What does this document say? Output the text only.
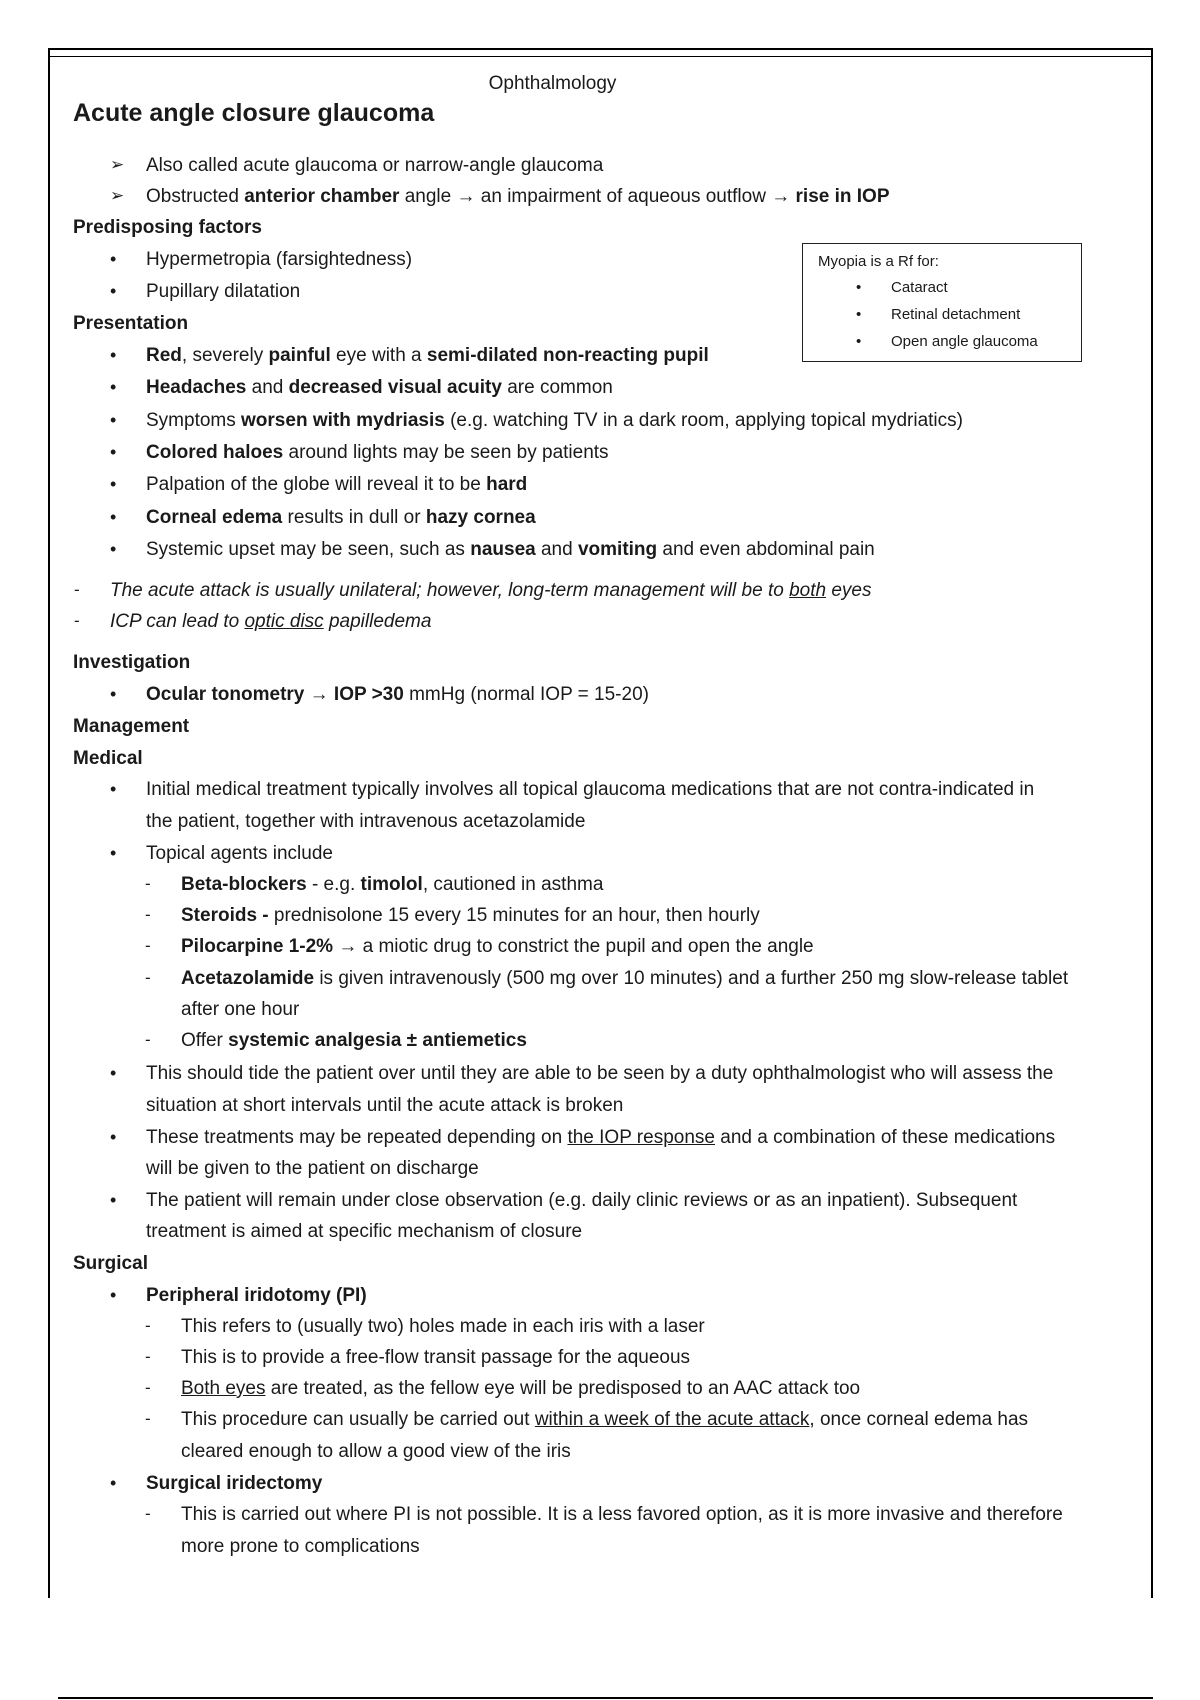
Ophthalmology
Acute angle closure glaucoma
➢ Also called acute glaucoma or narrow-angle glaucoma
➢ Obstructed anterior chamber angle → an impairment of aqueous outflow → rise in IOP
Predisposing factors
• Hypermetropia (farsightedness)
• Pupillary dilatation
Myopia is a Rf for:
• Cataract
• Retinal detachment
• Open angle glaucoma
Presentation
• Red, severely painful eye with a semi-dilated non-reacting pupil
• Headaches and decreased visual acuity are common
• Symptoms worsen with mydriasis (e.g. watching TV in a dark room, applying topical mydriatics)
• Colored haloes around lights may be seen by patients
• Palpation of the globe will reveal it to be hard
• Corneal edema results in dull or hazy cornea
• Systemic upset may be seen, such as nausea and vomiting and even abdominal pain
- The acute attack is usually unilateral; however, long-term management will be to both eyes
- ICP can lead to optic disc papilledema
Investigation
• Ocular tonometry → IOP >30 mmHg (normal IOP = 15-20)
Management
Medical
• Initial medical treatment typically involves all topical glaucoma medications that are not contra-indicated in
the patient, together with intravenous acetazolamide
• Topical agents include
- Beta-blockers - e.g. timolol, cautioned in asthma
- Steroids - prednisolone 15 every 15 minutes for an hour, then hourly
- Pilocarpine 1-2% → a miotic drug to constrict the pupil and open the angle
- Acetazolamide is given intravenously (500 mg over 10 minutes) and a further 250 mg slow-release tablet
after one hour
- Offer systemic analgesia ± antiemetics
• This should tide the patient over until they are able to be seen by a duty ophthalmologist who will assess the
situation at short intervals until the acute attack is broken
• These treatments may be repeated depending on the IOP response and a combination of these medications
will be given to the patient on discharge
• The patient will remain under close observation (e.g. daily clinic reviews or as an inpatient). Subsequent
treatment is aimed at specific mechanism of closure
Surgical
• Peripheral iridotomy (PI)
- This refers to (usually two) holes made in each iris with a laser
- This is to provide a free-flow transit passage for the aqueous
- Both eyes are treated, as the fellow eye will be predisposed to an AAC attack too
- This procedure can usually be carried out within a week of the acute attack, once corneal edema has
cleared enough to allow a good view of the iris
• Surgical iridectomy
- This is carried out where PI is not possible. It is a less favored option, as it is more invasive and therefore
more prone to complications
